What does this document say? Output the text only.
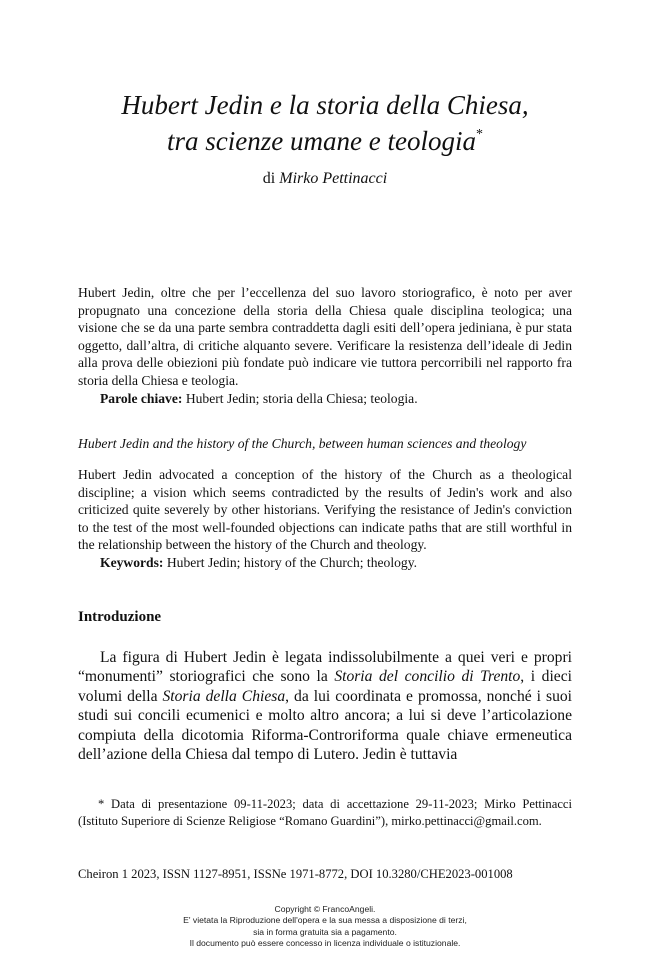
Hubert Jedin e la storia della Chiesa,
tra scienze umane e teologia*
di Mirko Pettinacci
Hubert Jedin, oltre che per l’eccellenza del suo lavoro storiografico, è noto per aver propugnato una concezione della storia della Chiesa quale disciplina teologica; una visione che se da una parte sembra contraddetta dagli esiti dell’opera jediniana, è pur stata oggetto, dall’altra, di critiche alquanto severe. Verificare la resistenza dell’ideale di Jedin alla prova delle obiezioni più fondate può indicare vie tuttora percorribili nel rapporto fra storia della Chiesa e teologia.
Parole chiave: Hubert Jedin; storia della Chiesa; teologia.
Hubert Jedin and the history of the Church, between human sciences and theology
Hubert Jedin advocated a conception of the history of the Church as a theological discipline; a vision which seems contradicted by the results of Jedin's work and also criticized quite severely by other historians. Verifying the resistance of Jedin's conviction to the test of the most well-founded objections can indicate paths that are still worthful in the relationship between the history of the Church and theology.
Keywords: Hubert Jedin; history of the Church; theology.
Introduzione
La figura di Hubert Jedin è legata indissolubilmente a quei veri e propri “monumenti” storiografici che sono la Storia del concilio di Trento, i dieci volumi della Storia della Chiesa, da lui coordinata e promossa, nonché i suoi studi sui concili ecumenici e molto altro ancora; a lui si deve l’articolazione compiuta della dicotomia Riforma-Controriforma quale chiave ermeneutica dell’azione della Chiesa dal tempo di Lutero. Jedin è tuttavia
* Data di presentazione 09-11-2023; data di accettazione 29-11-2023; Mirko Pettinacci (Istituto Superiore di Scienze Religiose “Romano Guardini”), mirko.pettinacci@gmail.com.
Cheiron 1 2023, ISSN 1127-8951, ISSNe 1971-8772, DOI 10.3280/CHE2023-001008
Copyright © FrancoAngeli.
E' vietata la Riproduzione dell'opera e la sua messa a disposizione di terzi,
sia in forma gratuita sia a pagamento.
Il documento può essere concesso in licenza individuale o istituzionale.
